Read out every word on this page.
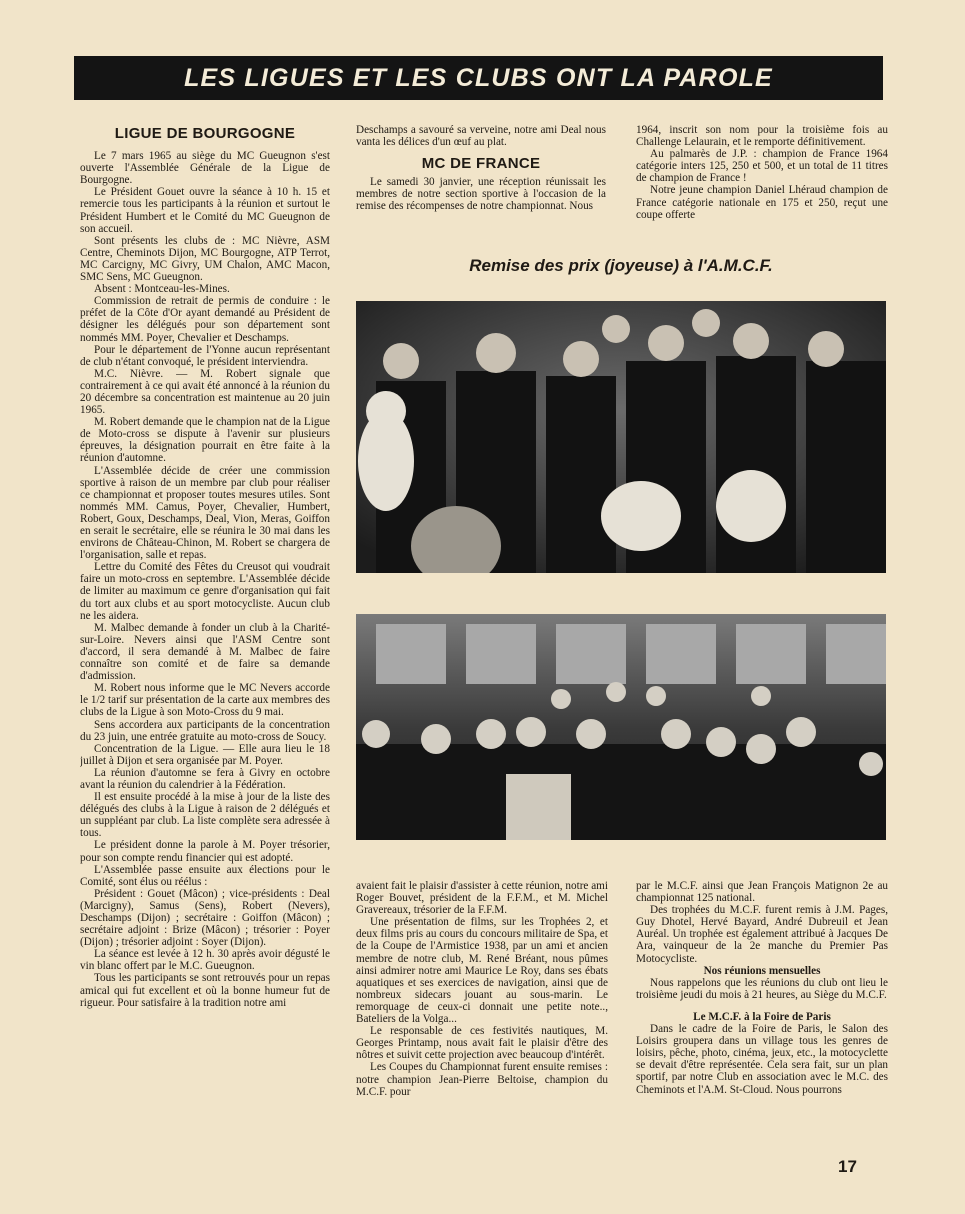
LES LIGUES ET LES CLUBS ONT LA PAROLE
LIGUE DE BOURGOGNE

Le 7 mars 1965 au siège du MC Gueugnon s'est ouverte l'Assemblée Générale de la Ligue de Bourgogne.

Le Président Gouet ouvre la séance à 10 h. 15 et remercie tous les participants à la réunion et surtout le Président Humbert et le Comité du MC Gueugnon de son accueil.

Sont présents les clubs de : MC Nièvre, ASM Centre, Cheminots Dijon, MC Bourgogne, ATP Terrot, MC Carcigny, MC Givry, UM Chalon, AMC Macon, SMC Sens, MC Gueugnon.

Absent : Montceau-les-Mines.

Commission de retrait de permis de conduire : le préfet de la Côte d'Or ayant demandé au Président de désigner les délégués pour son département sont nommés MM. Poyer, Chevalier et Deschamps.

Pour le département de l'Yonne aucun représentant de club n'étant convoqué, le président interviendra.

M.C. Nièvre. — M. Robert signale que contrairement à ce qui avait été annoncé à la réunion du 20 décembre sa concentration est maintenue au 20 juin 1965.

M. Robert demande que le champion nat de la Ligue de Moto-cross se dispute à l'avenir sur plusieurs épreuves, la désignation pourrait en être faite à la réunion d'automne.

L'Assemblée décide de créer une commission sportive à raison de un membre par club pour réaliser ce championnat et proposer toutes mesures utiles. Sont nommés MM. Camus, Poyer, Chevalier, Humbert, Robert, Goux, Deschamps, Deal, Vion, Meras, Goiffon en serait le secrétaire, elle se réunira le 30 mai dans les environs de Château-Chinon, M. Robert se chargera de l'organisation, salle et repas.

Lettre du Comité des Fêtes du Creusot qui voudrait faire un moto-cross en septembre. L'Assemblée décide de limiter au maximum ce genre d'organisation qui fait du tort aux clubs et au sport motocycliste. Aucun club ne les aidera.

M. Malbec demande à fonder un club à la Charité-sur-Loire. Nevers ainsi que l'ASM Centre sont d'accord, il sera demandé à M. Malbec de faire connaître son comité et de faire sa demande d'admission.

M. Robert nous informe que le MC Nevers accorde le 1/2 tarif sur présentation de la carte aux membres des clubs de la Ligue à son Moto-Cross du 9 mai.

Sens accordera aux participants de la concentration du 23 juin, une entrée gratuite au moto-cross de Soucy.

Concentration de la Ligue. — Elle aura lieu le 18 juillet à Dijon et sera organisée par M. Poyer.

La réunion d'automne se fera à Givry en octobre avant la réunion du calendrier à la Fédération.

Il est ensuite procédé à la mise à jour de la liste des délégués des clubs à la Ligue à raison de 2 délégués et un suppléant par club. La liste complète sera adressée à tous.

Le président donne la parole à M. Poyer trésorier, pour son compte rendu financier qui est adopté.

L'Assemblée passe ensuite aux élections pour le Comité, sont élus ou réélus :

Président : Gouet (Mâcon) ; vice-présidents : Deal (Marcigny), Samus (Sens), Robert (Nevers), Deschamps (Dijon) ; secrétaire : Goiffon (Mâcon) ; secrétaire adjoint : Brize (Mâcon) ; trésorier : Poyer (Dijon) ; trésorier adjoint : Soyer (Dijon).

La séance est levée à 12 h. 30 après avoir dégusté le vin blanc offert par le M.C. Gueugnon.

Tous les participants se sont retrouvés pour un repas amical qui fut excellent et où la bonne humeur fut de rigueur. Pour satisfaire à la tradition notre ami

Deschamps a savouré sa verveine, notre ami Deal nous vanta les délices d'un œuf au plat.

MC DE FRANCE

Le samedi 30 janvier, une réception réunissait les membres de notre section sportive à l'occasion de la remise des récompenses de notre championnat. Nous

1964, inscrit son nom pour la troisième fois au Challenge Lelaurain, et le remporte définitivement.

Au palmarès de J.P. : champion de France 1964 catégorie inters 125, 250 et 500, et un total de 11 titres de champion de France !

Notre jeune champion Daniel Lhéraud champion de France catégorie nationale en 175 et 250, reçut une coupe offerte

Remise des prix (joyeuse) à l'A.M.C.F.

avaient fait le plaisir d'assister à cette réunion, notre ami Roger Bouvet, président de la F.F.M., et M. Michel Gravereaux, trésorier de la F.F.M.

Une présentation de films, sur les Trophées 2, et deux films pris au cours du concours militaire de Spa, et de la Coupe de l'Armistice 1938, par un ami et ancien membre de notre club, M. René Bréant, nous pûmes ainsi admirer notre ami Maurice Le Roy, dans ses ébats aquatiques et ses exercices de navigation, ainsi que de nombreux sidecars jouant au sous-marin. Le remorquage de ceux-ci donnait une petite note.., Bateliers de la Volga...

Le responsable de ces festivités nautiques, M. Georges Printamp, nous avait fait le plaisir d'être des nôtres et suivit cette projection avec beaucoup d'intérêt.

Les Coupes du Championnat furent ensuite remises : notre champion Jean-Pierre Beltoise, champion du M.C.F. pour

par le M.C.F. ainsi que Jean François Matignon 2e au championnat 125 national.

Des trophées du M.C.F. furent remis à J.M. Pages, Guy Dhotel, Hervé Bayard, André Dubreuil et Jean Auréal. Un trophée est également attribué à Jacques De Ara, vainqueur de la 2e manche du Premier Pas Motocycliste.

Nos réunions mensuelles

Nous rappelons que les réunions du club ont lieu le troisième jeudi du mois à 21 heures, au Siège du M.C.F.

Le M.C.F. à la Foire de Paris

Dans le cadre de la Foire de Paris, le Salon des Loisirs groupera dans un village tous les genres de loisirs, pêche, photo, cinéma, jeux, etc., la motocyclette se devait d'être représentée. Cela sera fait, sur un plan sportif, par notre Club en association avec le M.C. des Cheminots et l'A.M. St-Cloud. Nous pourrons

17
